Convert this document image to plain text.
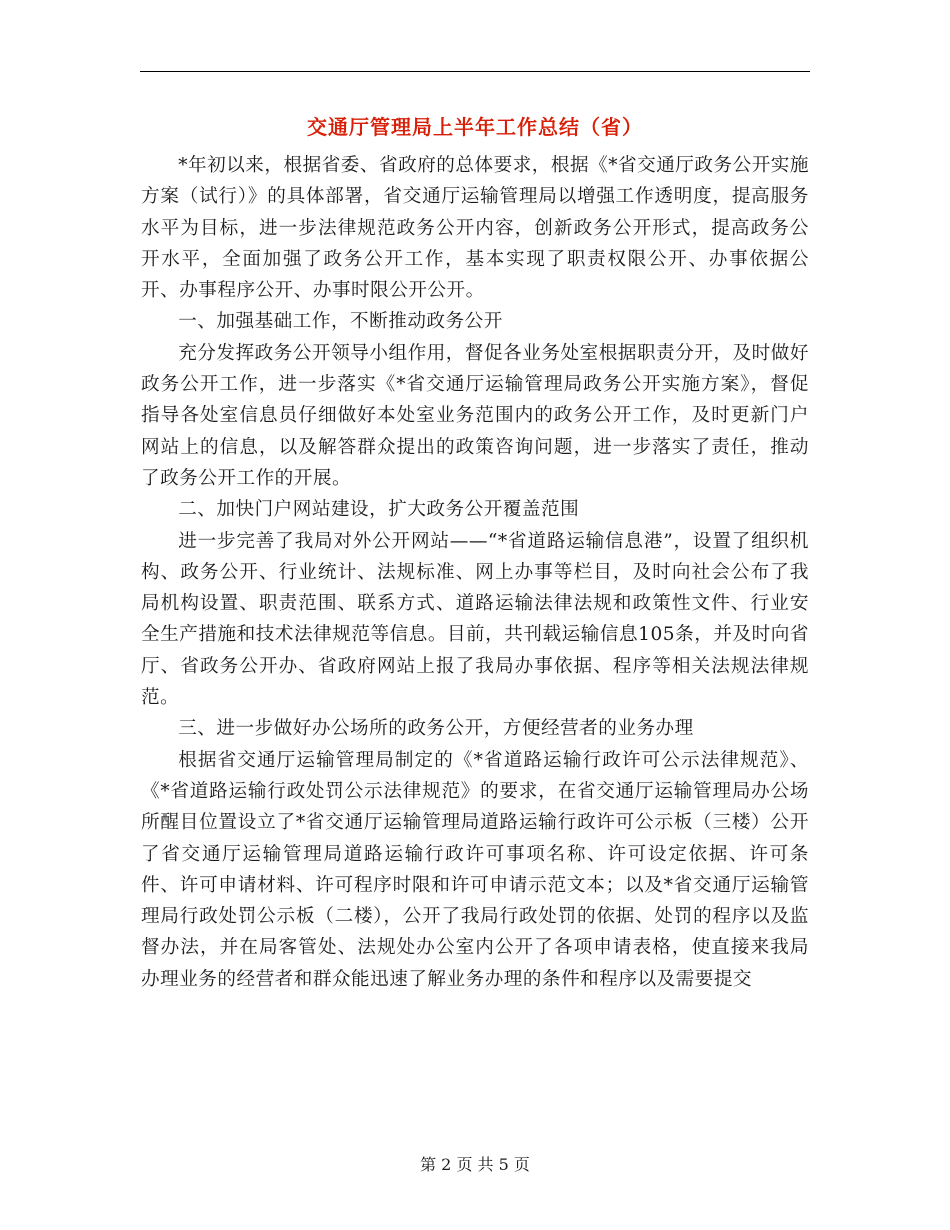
交通厅管理局上半年工作总结（省）

*年初以来，根据省委、省政府的总体要求，根据《*省交通厅政务公开实施方案（试行）》的具体部署，省交通厅运输管理局以增强工作透明度，提高服务水平为目标，进一步法律规范政务公开内容，创新政务公开形式，提高政务公开水平，全面加强了政务公开工作，基本实现了职责权限公开、办事依据公开、办事程序公开、办事时限公开公开。

一、加强基础工作，不断推动政务公开

充分发挥政务公开领导小组作用，督促各业务处室根据职责分开，及时做好政务公开工作，进一步落实《*省交通厅运输管理局政务公开实施方案》，督促指导各处室信息员仔细做好本处室业务范围内的政务公开工作，及时更新门户网站上的信息，以及解答群众提出的政策咨询问题，进一步落实了责任，推动了政务公开工作的开展。

二、加快门户网站建设，扩大政务公开覆盖范围

进一步完善了我局对外公开网站——“*省道路运输信息港”，设置了组织机构、政务公开、行业统计、法规标准、网上办事等栏目，及时向社会公布了我局机构设置、职责范围、联系方式、道路运输法律法规和政策性文件、行业安全生产措施和技术法律规范等信息。目前，共刊载运输信息105条，并及时向省厅、省政务公开办、省政府网站上报了我局办事依据、程序等相关法规法律规范。

三、进一步做好办公场所的政务公开，方便经营者的业务办理

根据省交通厅运输管理局制定的《*省道路运输行政许可公示法律规范》、《*省道路运输行政处罚公示法律规范》的要求，在省交通厅运输管理局办公场所醒目位置设立了*省交通厅运输管理局道路运输行政许可公示板（三楼）公开了省交通厅运输管理局道路运输行政许可事项名称、许可设定依据、许可条件、许可申请材料、许可程序时限和许可申请示范文本；以及*省交通厅运输管理局行政处罚公示板（二楼），公开了我局行政处罚的依据、处罚的程序以及监督办法，并在局客管处、法规处办公室内公开了各项申请表格，使直接来我局办理业务的经营者和群众能迅速了解业务办理的条件和程序以及需要提交

第 2 页 共 5 页
